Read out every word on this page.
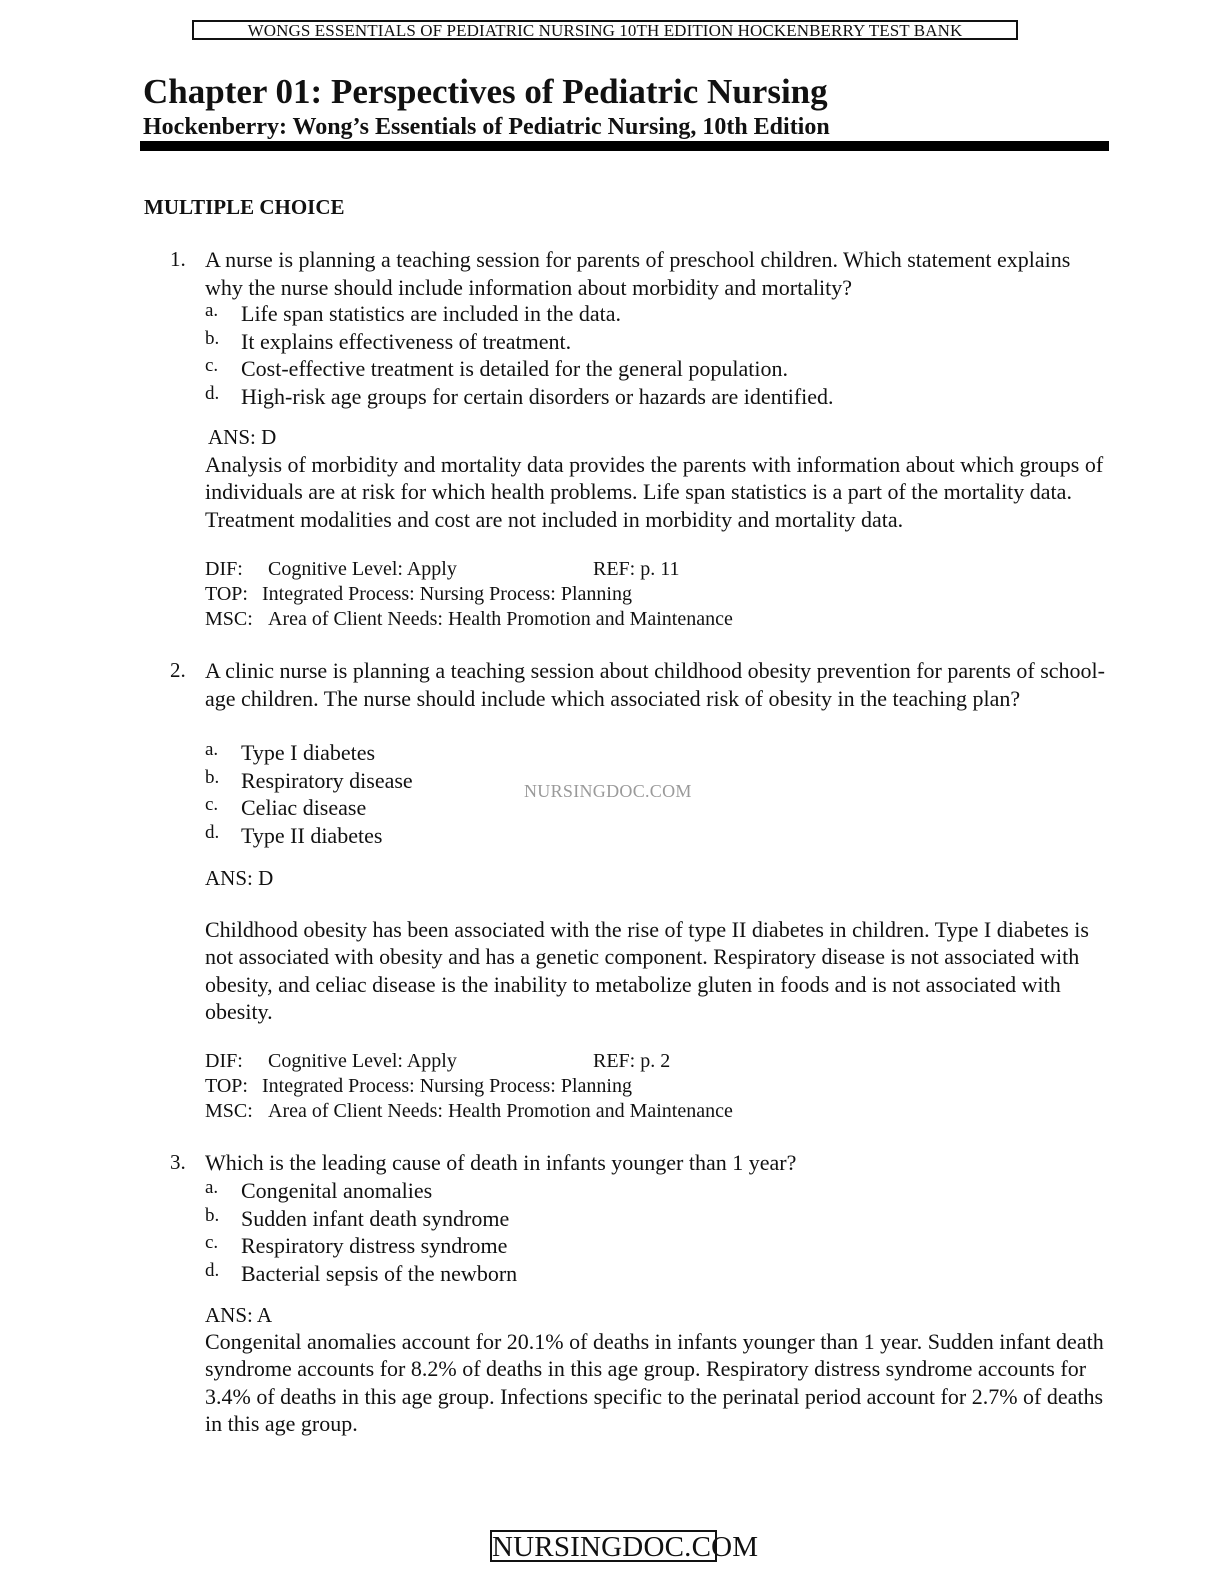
WONGS ESSENTIALS OF PEDIATRIC NURSING 10TH EDITION HOCKENBERRY TEST BANK
Chapter 01: Perspectives of Pediatric Nursing
Hockenberry: Wong’s Essentials of Pediatric Nursing, 10th Edition
MULTIPLE CHOICE
1. A nurse is planning a teaching session for parents of preschool children. Which statement explains why the nurse should include information about morbidity and mortality?

a. Life span statistics are included in the data.
b. It explains effectiveness of treatment.
c. Cost-effective treatment is detailed for the general population.
d. High-risk age groups for certain disorders or hazards are identified.
ANS: D

Analysis of morbidity and mortality data provides the parents with information about which groups of individuals are at risk for which health problems. Life span statistics is a part of the mortality data. Treatment modalities and cost are not included in morbidity and mortality data.

DIF: Cognitive Level: Apply	REF: p. 11
TOP: Integrated Process: Nursing Process: Planning
MSC: Area of Client Needs: Health Promotion and Maintenance
2. A clinic nurse is planning a teaching session about childhood obesity prevention for parents of school-age children. The nurse should include which associated risk of obesity in the teaching plan?

a. Type I diabetes
b. Respiratory disease
c. Celiac disease
d. Type II diabetes
ANS: D

Childhood obesity has been associated with the rise of type II diabetes in children. Type I diabetes is not associated with obesity and has a genetic component. Respiratory disease is not associated with obesity, and celiac disease is the inability to metabolize gluten in foods and is not associated with obesity.

DIF: Cognitive Level: Apply	REF: p. 2
TOP: Integrated Process: Nursing Process: Planning
MSC: Area of Client Needs: Health Promotion and Maintenance
3. Which is the leading cause of death in infants younger than 1 year?

a. Congenital anomalies
b. Sudden infant death syndrome
c. Respiratory distress syndrome
d. Bacterial sepsis of the newborn
ANS: A

Congenital anomalies account for 20.1% of deaths in infants younger than 1 year. Sudden infant death syndrome accounts for 8.2% of deaths in this age group. Respiratory distress syndrome accounts for 3.4% of deaths in this age group. Infections specific to the perinatal period account for 2.7% of deaths in this age group.

NURSINGDOC.COM
NURSINGDOC.COM
